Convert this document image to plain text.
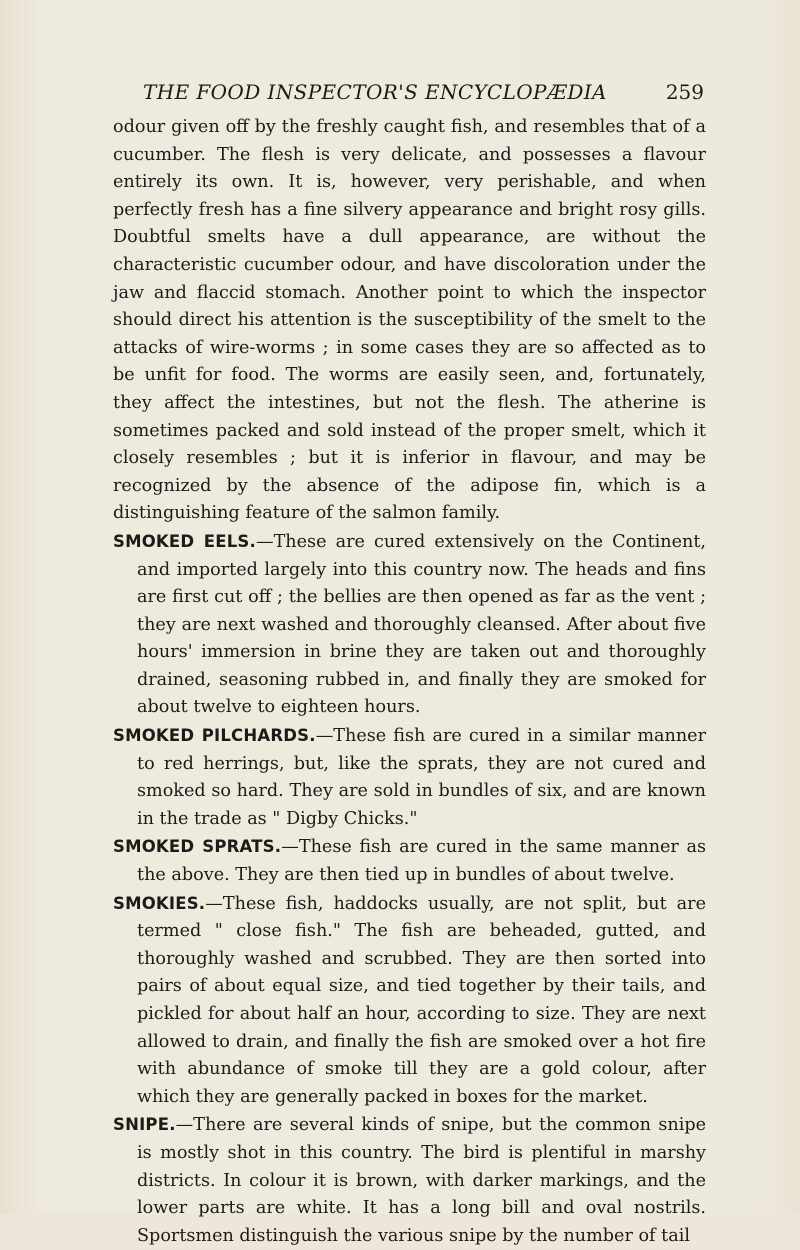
THE FOOD INSPECTOR'S ENCYCLOPÆDIA	259

odour given off by the freshly caught fish, and resembles that of a cucumber. The flesh is very delicate, and possesses a flavour entirely its own. It is, however, very perishable, and when perfectly fresh has a fine silvery appearance and bright rosy gills. Doubtful smelts have a dull appearance, are without the characteristic cucumber odour, and have discoloration under the jaw and flaccid stomach. Another point to which the inspector should direct his attention is the susceptibility of the smelt to the attacks of wire-worms ; in some cases they are so affected as to be unfit for food. The worms are easily seen, and, fortunately, they affect the intestines, but not the flesh. The atherine is sometimes packed and sold instead of the proper smelt, which it closely resembles ; but it is inferior in flavour, and may be recognized by the absence of the adipose fin, which is a distinguishing feature of the salmon family.

SMOKED EELS.—These are cured extensively on the Continent, and imported largely into this country now. The heads and fins are first cut off ; the bellies are then opened as far as the vent ; they are next washed and thoroughly cleansed. After about five hours' immersion in brine they are taken out and thoroughly drained, seasoning rubbed in, and finally they are smoked for about twelve to eighteen hours.

SMOKED PILCHARDS.—These fish are cured in a similar manner to red herrings, but, like the sprats, they are not cured and smoked so hard. They are sold in bundles of six, and are known in the trade as " Digby Chicks."

SMOKED SPRATS.—These fish are cured in the same manner as the above. They are then tied up in bundles of about twelve.

SMOKIES.—These fish, haddocks usually, are not split, but are termed " close fish." The fish are beheaded, gutted, and thoroughly washed and scrubbed. They are then sorted into pairs of about equal size, and tied together by their tails, and pickled for about half an hour, according to size. They are next allowed to drain, and finally the fish are smoked over a hot fire with abundance of smoke till they are a gold colour, after which they are generally packed in boxes for the market.

SNIPE.—There are several kinds of snipe, but the common snipe is mostly shot in this country. The bird is plentiful in marshy districts. In colour it is brown, with darker markings, and the lower parts are white. It has a long bill and oval nostrils. Sportsmen distinguish the various snipe by the number of tail
